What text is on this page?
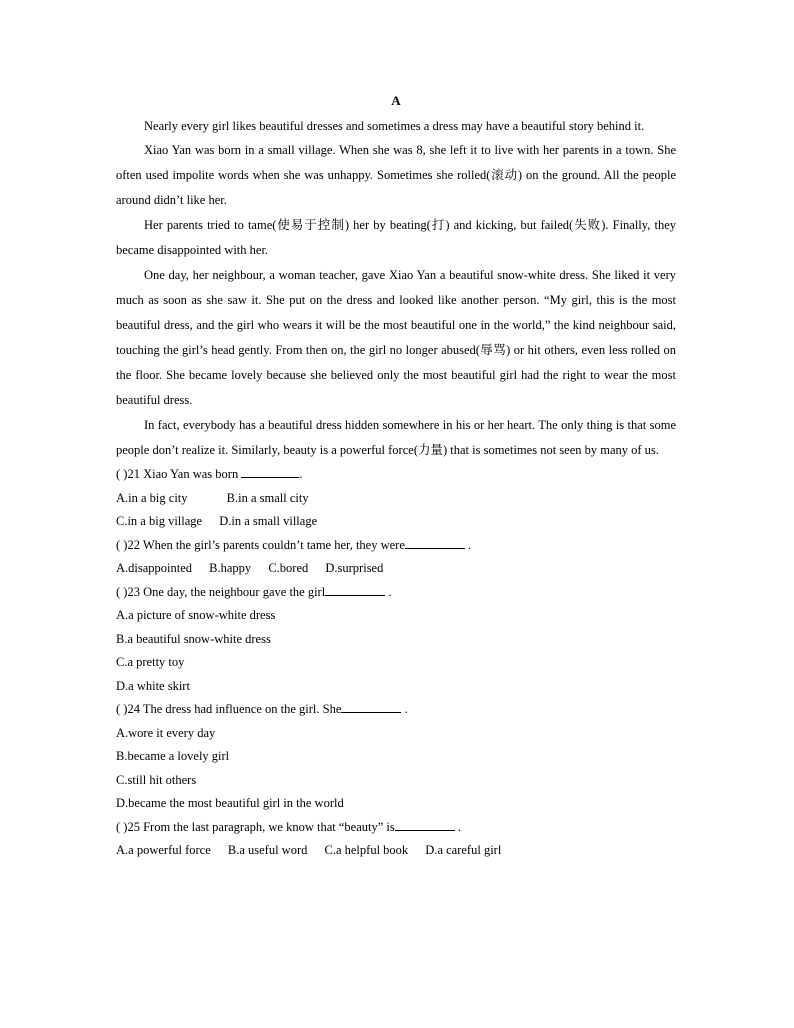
A

Nearly every girl likes beautiful dresses and sometimes a dress may have a beautiful story behind it.

Xiao Yan was born in a small village. When she was 8, she left it to live with her parents in a town. She often used impolite words when she was unhappy. Sometimes she rolled(滚动) on the ground. All the people around didn’t like her.

Her parents tried to tame(使易于控制) her by beating(打) and kicking, but failed(失败). Finally, they became disappointed with her.

One day, her neighbour, a woman teacher, gave Xiao Yan a beautiful snow-white dress. She liked it very much as soon as she saw it. She put on the dress and looked like another person. “My girl, this is the most beautiful dress, and the girl who wears it will be the most beautiful one in the world,” the kind neighbour said, touching the girl’s head gently. From then on, the girl no longer abused(辱骂) or hit others, even less rolled on the floor. She became lovely because she believed only the most beautiful girl had the right to wear the most beautiful dress.

In fact, everybody has a beautiful dress hidden somewhere in his or her heart. The only thing is that some people don’t realize it. Similarly, beauty is a powerful force(力量) that is sometimes not seen by many of us.

( )21 Xiao Yan was born	.

A.in a big city	B.in a small city

C.in a big village D.in a small village

( )22 When the girl’s parents couldn’t tame her, they were	.

A.disappointed B.happy C.bored D.surprised

( )23 One day, the neighbour gave the girl	.

A.a picture of snow-white dress

B.a beautiful snow-white dress

C.a pretty toy

D.a white skirt

( )24 The dress had influence on the girl. She	.

A.wore it every day

B.became a lovely girl

C.still hit others

D.became the most beautiful girl in the world

( )25 From the last paragraph, we know that “beauty” is	.

A.a powerful force B.a useful word C.a helpful book D.a careful girl
